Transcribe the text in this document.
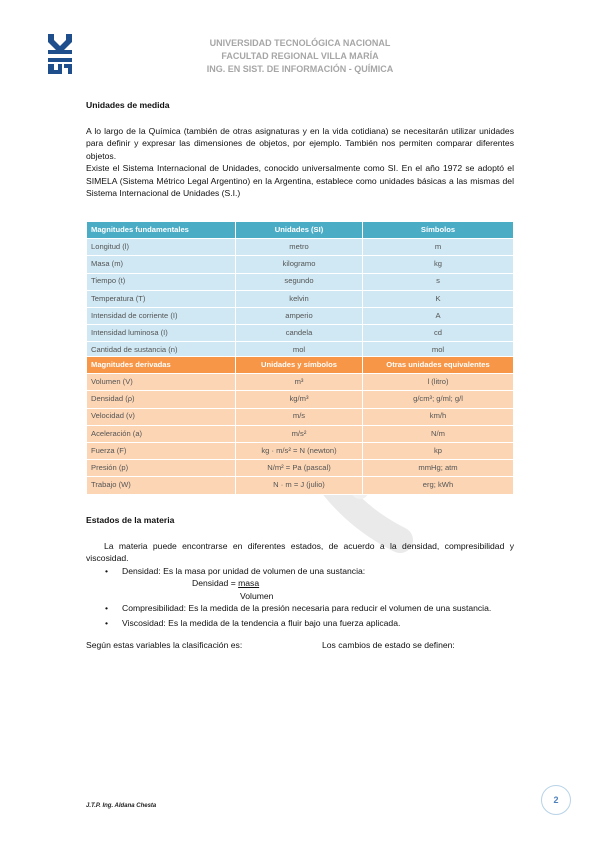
UNIVERSIDAD TECNOLÓGICA NACIONAL
FACULTAD REGIONAL VILLA MARÍA
ING. EN SIST. DE INFORMACIÓN - QUÍMICA
Unidades de medida
A lo largo de la Química (también de otras asignaturas y en la vida cotidiana) se necesitarán utilizar unidades para definir y expresar las dimensiones de objetos, por ejemplo. También nos permiten comparar diferentes objetos.
Existe el Sistema Internacional de Unidades, conocido universalmente como SI. En el año 1972 se adoptó el SIMELA (Sistema Métrico Legal Argentino) en la Argentina, establece como unidades básicas a las mismas del Sistema Internacional de Unidades (S.I.)
Magnitudes fundamentales	Unidades (SI)	Símbolos
Longitud (l)	metro	m
Masa (m)	kilogramo	kg
Tiempo (t)	segundo	s
Temperatura (T)	kelvin	K
Intensidad de corriente (I)	amperio	A
Intensidad luminosa (I)	candela	cd
Cantidad de sustancia (n)	mol	mol
Magnitudes derivadas	Unidades y símbolos	Otras unidades equivalentes
Volumen (V)	m³	l (litro)
Densidad (ρ)	kg/m³	g/cm³; g/ml; g/l
Velocidad (v)	m/s	km/h
Aceleración (a)	m/s²	N/m
Fuerza (F)	kg · m/s² = N (newton)	kp
Presión (p)	N/m² = Pa (pascal)	mmHg; atm
Trabajo (W)	N · m = J (julio)	erg; kWh
Estados de la materia
La materia puede encontrarse en diferentes estados, de acuerdo a la densidad, compresibilidad y viscosidad.
• Densidad: Es la masa por unidad de volumen de una sustancia:
Densidad = masa
Volumen
• Compresibilidad: Es la medida de la presión necesaria para reducir el volumen de una sustancia.
• Viscosidad: Es la medida de la tendencia a fluir bajo una fuerza aplicada.
Según estas variables la clasificación es:	Los cambios de estado se definen:
J.T.P. Ing. Aldana Chesta
2
